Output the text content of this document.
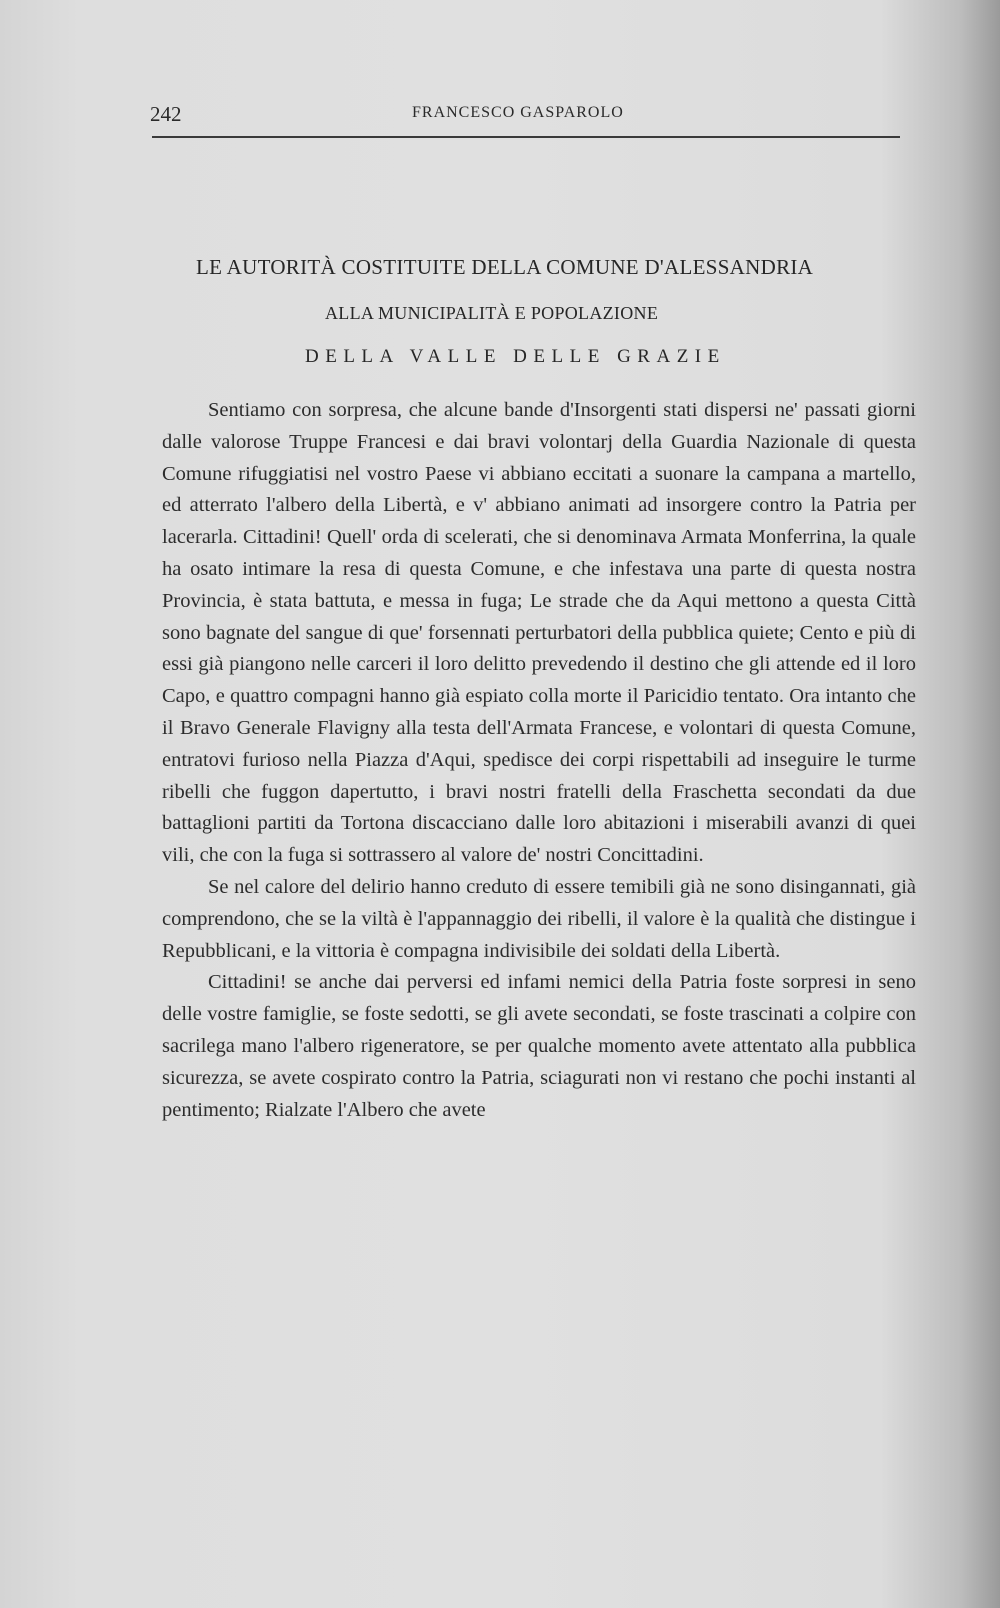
242	FRANCESCO GASPAROLO
LE AUTORITÀ COSTITUITE DELLA COMUNE D'ALESSANDRIA
ALLA MUNICIPALITÀ E POPOLAZIONE
DELLA VALLE DELLE GRAZIE

Sentiamo con sorpresa, che alcune bande d'Insorgenti stati dispersi ne' passati giorni dalle valorose Truppe Francesi e dai bravi volontarj della Guardia Nazionale di questa Comune rifuggiatisi nel vostro Paese vi abbiano eccitati a suonare la campana a martello, ed atterrato l'albero della Libertà, e v' abbiano animati ad insorgere contro la Patria per lacerarla. Cittadini! Quell' orda di scelerati, che si denominava Armata Monferrina, la quale ha osato intimare la resa di questa Comune, e che infestava una parte di questa nostra Provincia, è stata battuta, e messa in fuga; Le strade che da Aqui mettono a questa Città sono bagnate del sangue di que' forsennati perturbatori della pubblica quiete; Cento e più di essi già piangono nelle carceri il loro delitto prevedendo il destino che gli attende ed il loro Capo, e quattro compagni hanno già espiato colla morte il Paricidio tentato. Ora intanto che il Bravo Generale Flavigny alla testa dell'Armata Francese, e volontari di questa Comune, entratovi furioso nella Piazza d'Aqui, spedisce dei corpi rispettabili ad inseguire le turme ribelli che fuggon dapertutto, i bravi nostri fratelli della Fraschetta secondati da due battaglioni partiti da Tortona discacciano dalle loro abitazioni i miserabili avanzi di quei vili, che con la fuga si sottrassero al valore de' nostri Concittadini.

Se nel calore del delirio hanno creduto di essere temibili già ne sono disingannati, già comprendono, che se la viltà è l'appannaggio dei ribelli, il valore è la qualità che distingue i Repubblicani, e la vittoria è compagna indivisibile dei soldati della Libertà.

Cittadini! se anche dai perversi ed infami nemici della Patria foste sorpresi in seno delle vostre famiglie, se foste sedotti, se gli avete secondati, se foste trascinati a colpire con sacrilega mano l'albero rigeneratore, se per qualche momento avete attentato alla pubblica sicurezza, se avete cospirato contro la Patria, sciagurati non vi restano che pochi instanti al pentimento; Rialzate l'Albero che avete
